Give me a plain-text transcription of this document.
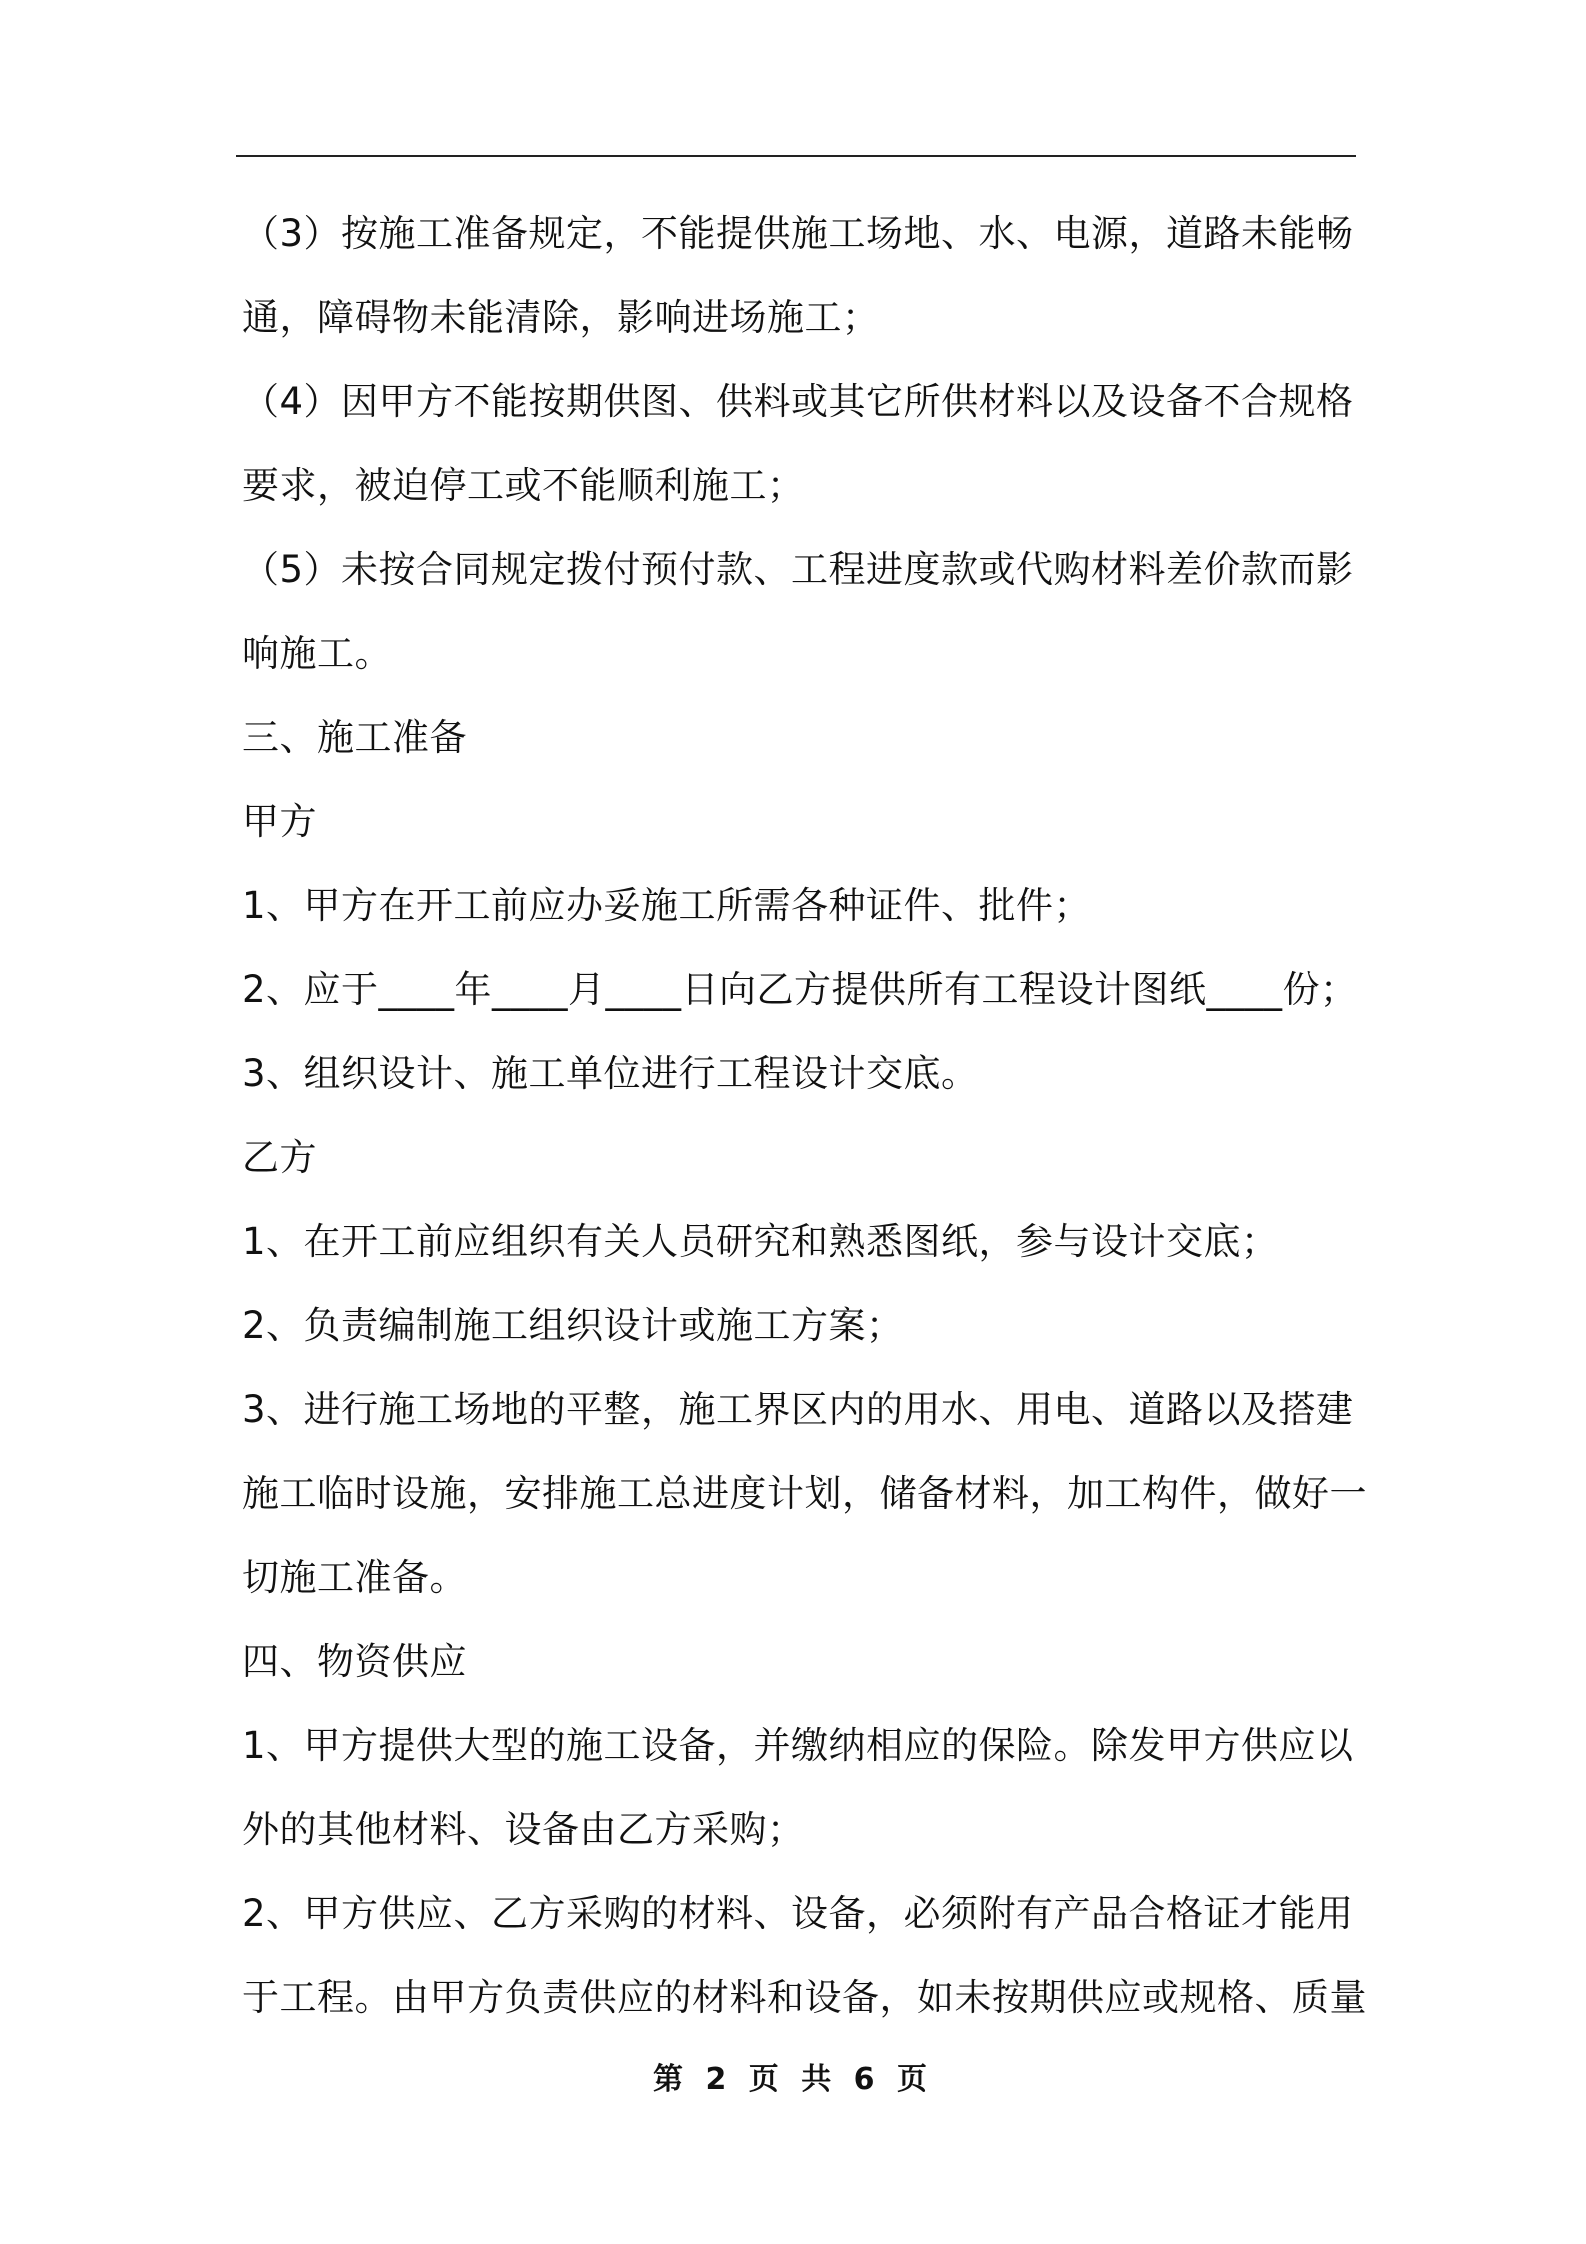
（3）按施工准备规定，不能提供施工场地、水、电源，道路未能畅

通，障碍物未能清除，影响进场施工；

（4）因甲方不能按期供图、供料或其它所供材料以及设备不合规格

要求，被迫停工或不能顺利施工；

（5）未按合同规定拨付预付款、工程进度款或代购材料差价款而影

响施工。

三、施工准备

甲方

1、甲方在开工前应办妥施工所需各种证件、批件；

2、应于____年____月____日向乙方提供所有工程设计图纸____份；

3、组织设计、施工单位进行工程设计交底。

乙方

1、在开工前应组织有关人员研究和熟悉图纸，参与设计交底；

2、负责编制施工组织设计或施工方案；

3、进行施工场地的平整，施工界区内的用水、用电、道路以及搭建

施工临时设施，安排施工总进度计划，储备材料，加工构件，做好一

切施工准备。

四、物资供应

1、甲方提供大型的施工设备，并缴纳相应的保险。除发甲方供应以

外的其他材料、设备由乙方采购；

2、甲方供应、乙方采购的材料、设备，必须附有产品合格证才能用

于工程。由甲方负责供应的材料和设备，如未按期供应或规格、质量

第 2 页 共 6 页
